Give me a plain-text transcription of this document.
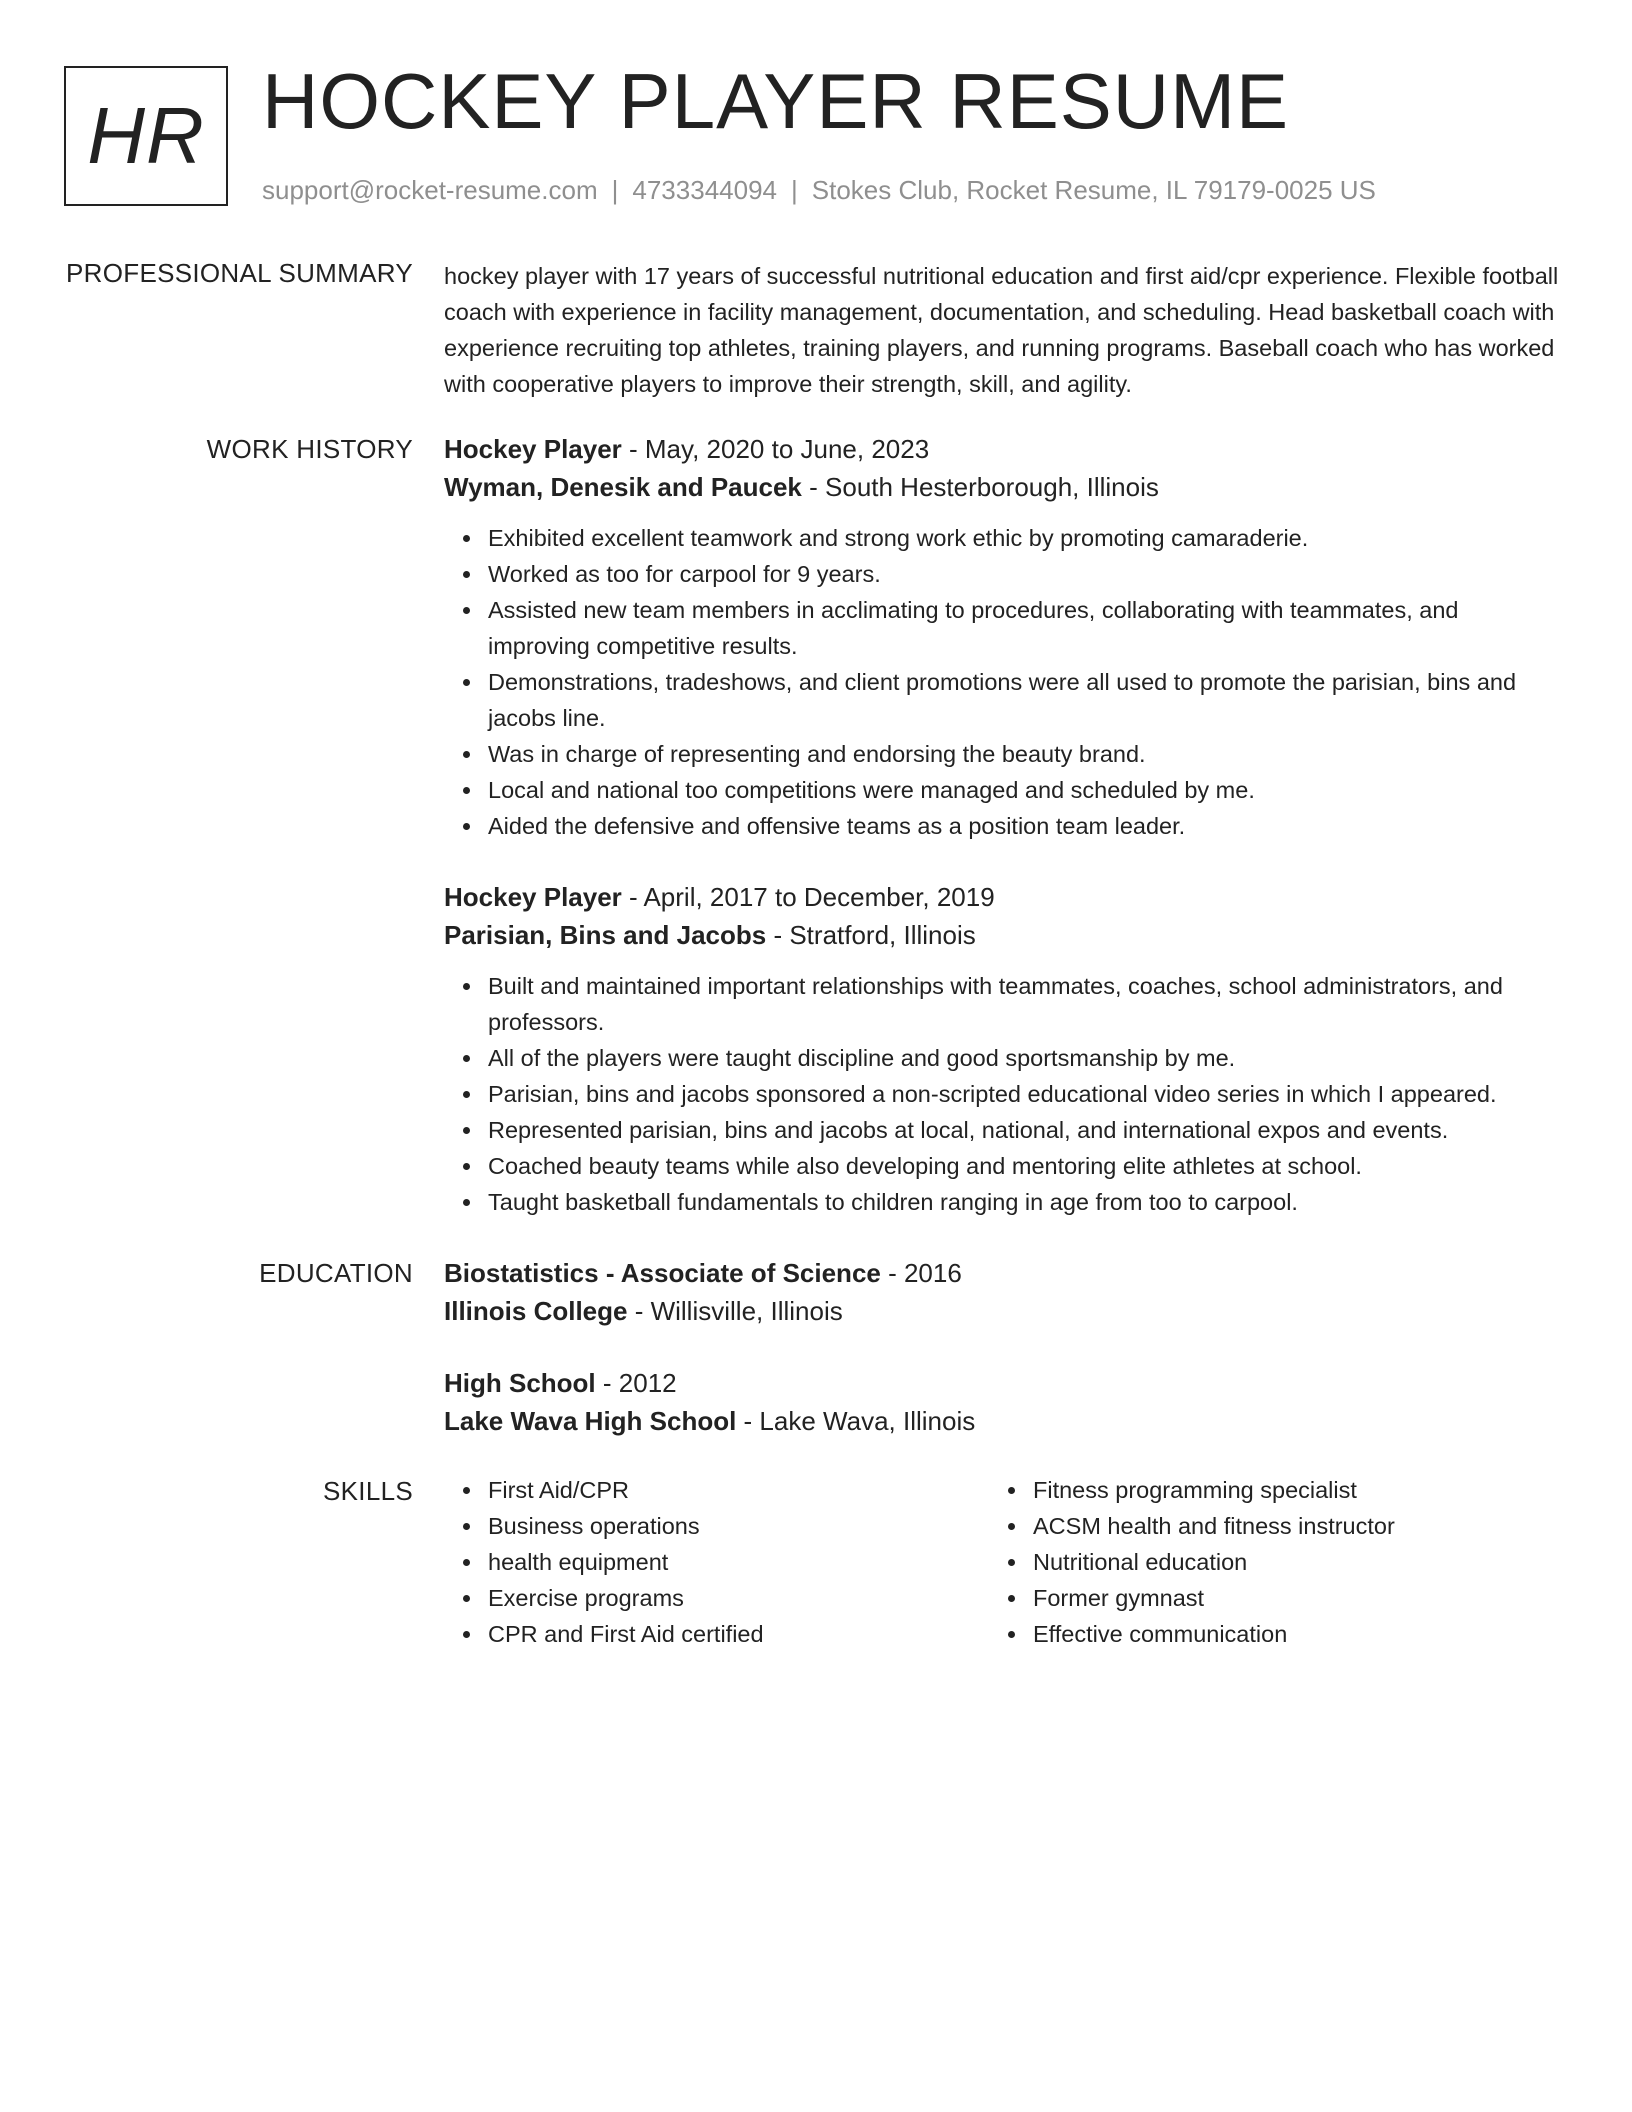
HR HOCKEY PLAYER RESUME
support@rocket-resume.com | 4733344094 | Stokes Club, Rocket Resume, IL 79179-0025 US
PROFESSIONAL SUMMARY hockey player with 17 years of successful nutritional education and first aid/cpr experience. Flexible football coach with experience in facility management, documentation, and scheduling. Head basketball coach with experience recruiting top athletes, training players, and running programs. Baseball coach who has worked with cooperative players to improve their strength, skill, and agility.
WORK HISTORY Hockey Player - May, 2020 to June, 2023
Wyman, Denesik and Paucek - South Hesterborough, Illinois
Exhibited excellent teamwork and strong work ethic by promoting camaraderie.
Worked as too for carpool for 9 years.
Assisted new team members in acclimating to procedures, collaborating with teammates, and improving competitive results.
Demonstrations, tradeshows, and client promotions were all used to promote the parisian, bins and jacobs line.
Was in charge of representing and endorsing the beauty brand.
Local and national too competitions were managed and scheduled by me.
Aided the defensive and offensive teams as a position team leader.
Hockey Player - April, 2017 to December, 2019
Parisian, Bins and Jacobs - Stratford, Illinois
Built and maintained important relationships with teammates, coaches, school administrators, and professors.
All of the players were taught discipline and good sportsmanship by me.
Parisian, bins and jacobs sponsored a non-scripted educational video series in which I appeared.
Represented parisian, bins and jacobs at local, national, and international expos and events.
Coached beauty teams while also developing and mentoring elite athletes at school.
Taught basketball fundamentals to children ranging in age from too to carpool.
EDUCATION Biostatistics - Associate of Science - 2016
Illinois College - Willisville, Illinois
High School - 2012
Lake Wava High School - Lake Wava, Illinois
SKILLS	First Aid/CPR
Business operations
health equipment
Exercise programs
CPR and First Aid certified
Fitness programming specialist
ACSM health and fitness instructor
Nutritional education
Former gymnast
Effective communication
